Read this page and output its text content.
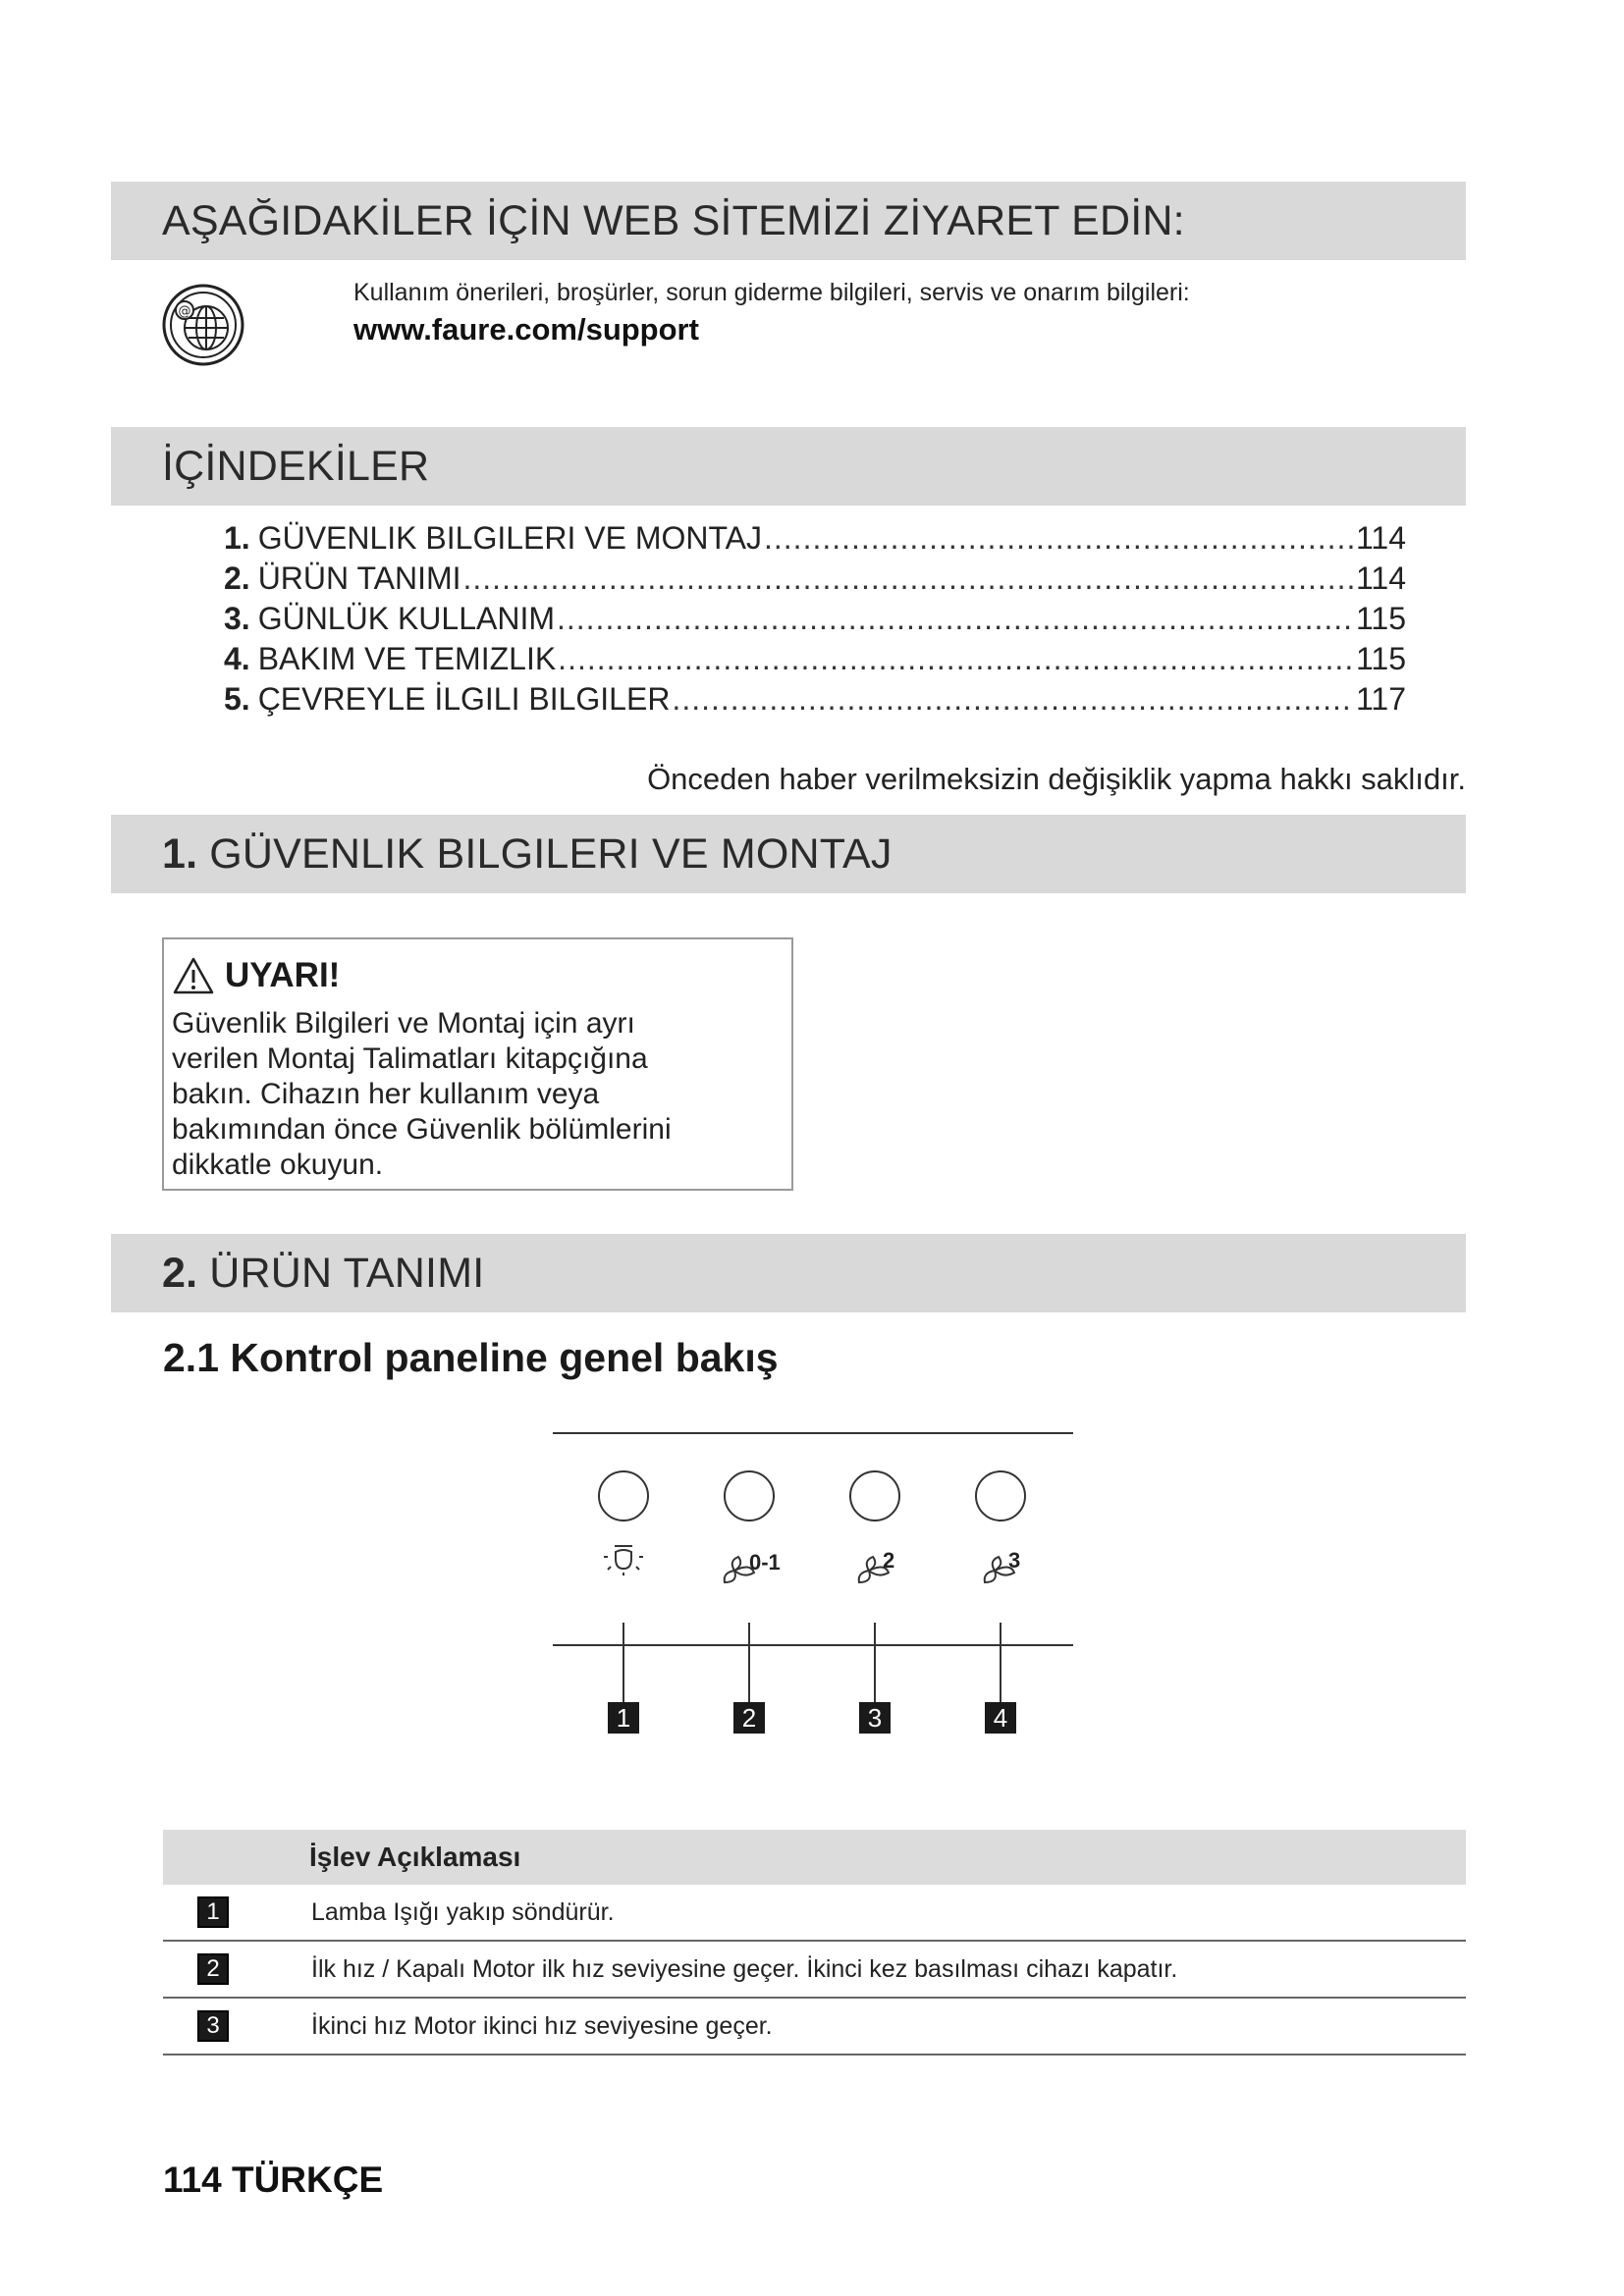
AŞAĞIDAKİLER İÇİN WEB SİTEMİZİ ZİYARET EDİN:
@
Kullanım önerileri, broşürler, sorun giderme bilgileri, servis ve onarım bilgileri:
www.faure.com/support
İÇİNDEKİLER
1. GÜVENLIK BILGILERI VE MONTAJ .....	114
2. ÜRÜN TANIMI .....	114
3. GÜNLÜK KULLANIM .....	115
4. BAKIM VE TEMIZLIK .....	115
5. ÇEVREYLE İLGILI BILGILER .....	117
Önceden haber verilmeksizin değişiklik yapma hakkı saklıdır.
1. GÜVENLIK BILGILERI VE MONTAJ
UYARI!
Güvenlik Bilgileri ve Montaj için ayrı
verilen Montaj Talimatları kitapçığına
bakın. Cihazın her kullanım veya
bakımından önce Güvenlik bölümlerini
dikkatle okuyun.
2. ÜRÜN TANIMI
2.1 Kontrol paneline genel bakış
0-1	2	3
1	2	3	4
İşlev Açıklaması
1	Lamba Işığı yakıp söndürür.
2	İlk hız / Kapalı Motor ilk hız seviyesine geçer. İkinci kez basılması cihazı kapatır.
3	İkinci hız Motor ikinci hız seviyesine geçer.
114 TÜRKÇE
